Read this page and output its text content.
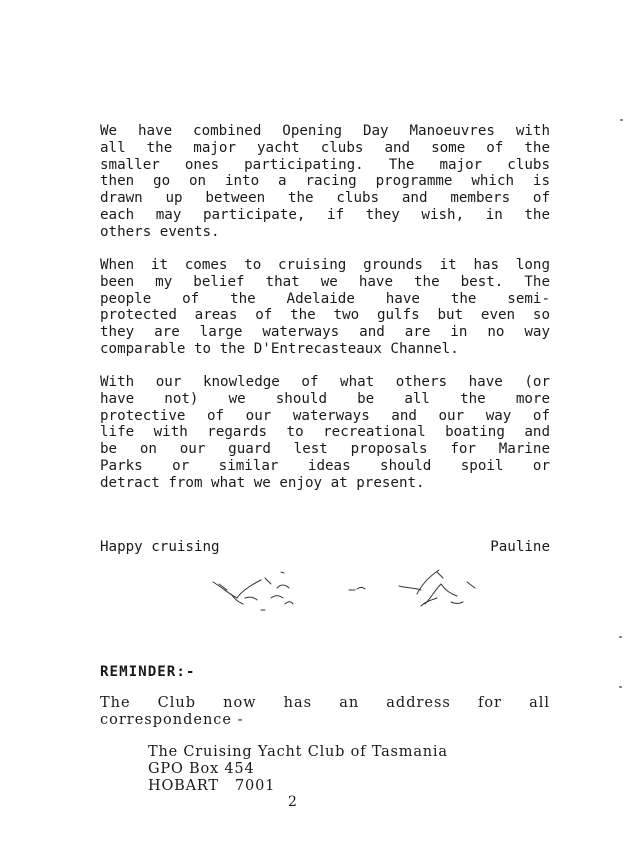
We have combined Opening Day Manoeuvres with
all the major yacht clubs and some of the
smaller ones participating. The major clubs
then go on into a racing programme which is
drawn up between the clubs and members of
each may participate, if they wish, in the
others events.
When it comes to cruising grounds it has long
been my belief that we have the best. The
people of the Adelaide have the semi-
protected areas of the two gulfs but even so
they are large waterways and are in no way
comparable to the D'Entrecasteaux Channel.
With our knowledge of what others have (or
have not) we should be all the more
protective of our waterways and our way of
life with regards to recreational boating and
be on our guard lest proposals for Marine
Parks or similar ideas should spoil or
detract from what we enjoy at present.
Happy cruising	Pauline
REMINDER:-
The Club now has an address for all
correspondence -
The Cruising Yacht Club of Tasmania
GPO Box 454
HOBART   7001
2
